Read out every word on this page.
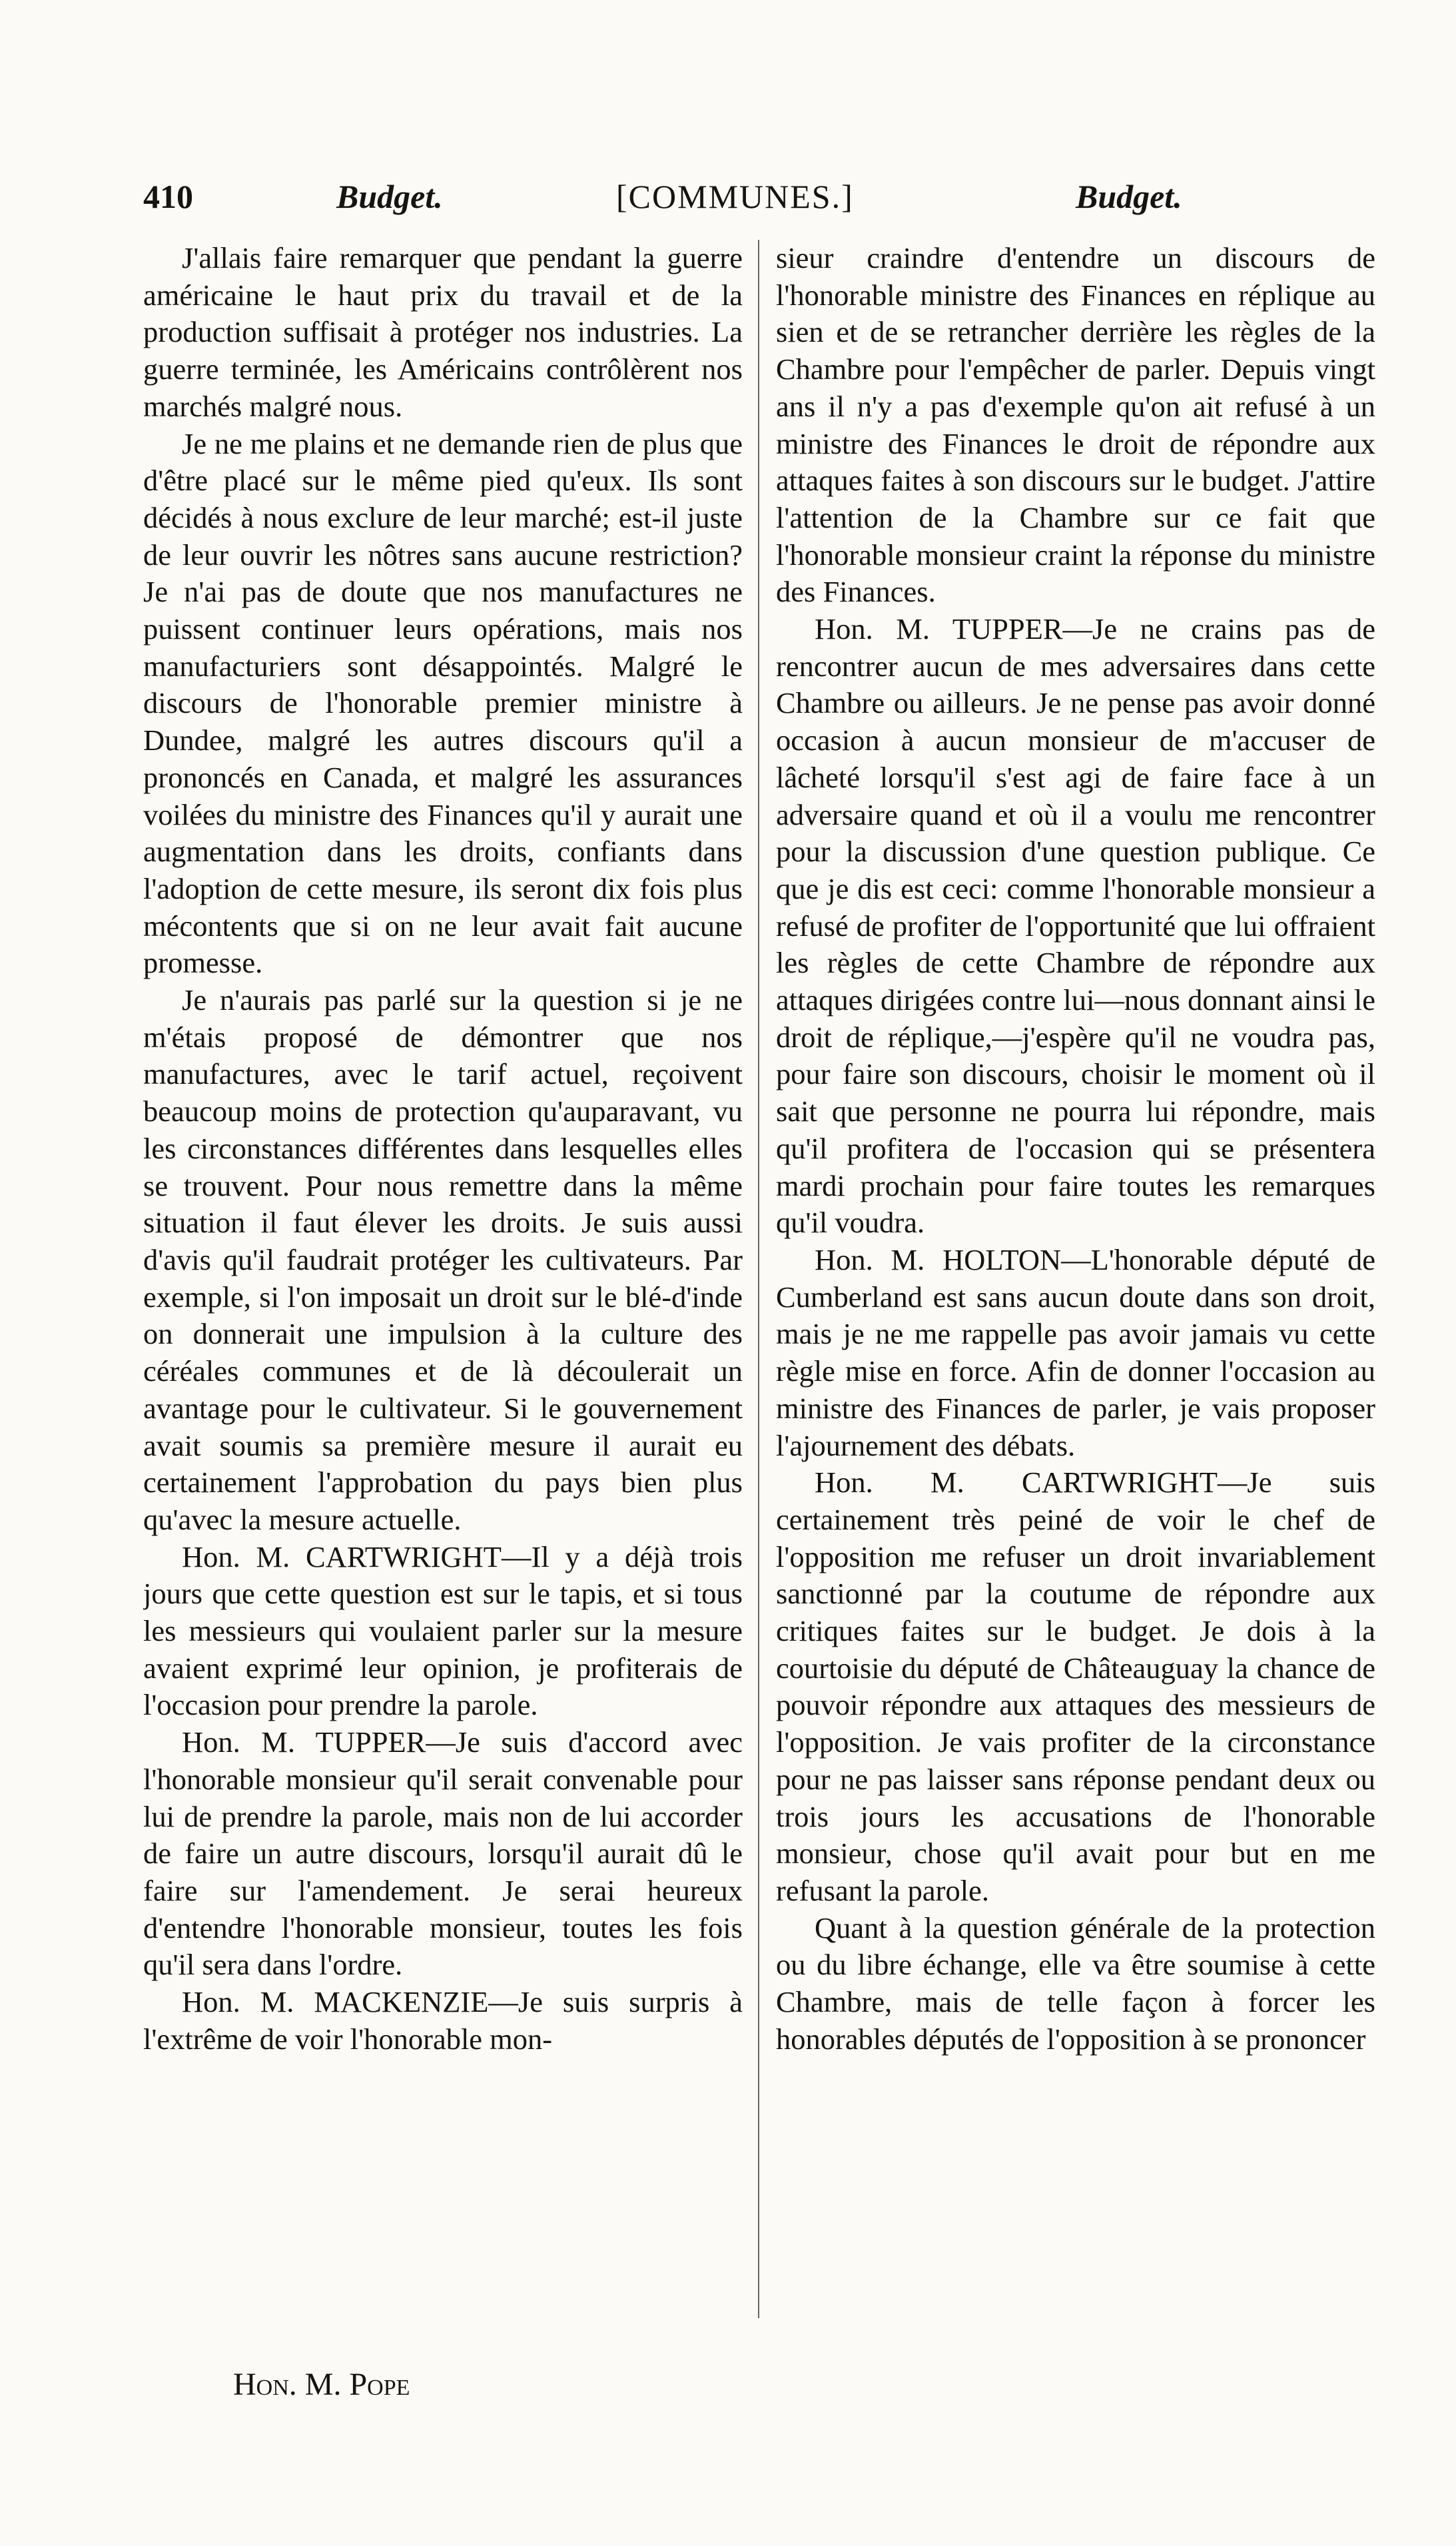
410	Budget.	[COMMUNES.]	Budget.

J'allais faire remarquer que pendant la guerre américaine le haut prix du travail et de la production suffisait à protéger nos industries. La guerre terminée, les Américains contrôlèrent nos marchés malgré nous.

Je ne me plains et ne demande rien de plus que d'être placé sur le même pied qu'eux. Ils sont décidés à nous exclure de leur marché; est-il juste de leur ouvrir les nôtres sans aucune restriction? Je n'ai pas de doute que nos manufactures ne puissent continuer leurs opérations, mais nos manufacturiers sont désappointés. Malgré le discours de l'honorable premier ministre à Dundee, malgré les autres discours qu'il a prononcés en Canada, et malgré les assurances voilées du ministre des Finances qu'il y aurait une augmentation dans les droits, confiants dans l'adoption de cette mesure, ils seront dix fois plus mécontents que si on ne leur avait fait aucune promesse.

Je n'aurais pas parlé sur la question si je ne m'étais proposé de démontrer que nos manufactures, avec le tarif actuel, reçoivent beaucoup moins de protection qu'auparavant, vu les circonstances différentes dans lesquelles elles se trouvent. Pour nous remettre dans la même situation il faut élever les droits. Je suis aussi d'avis qu'il faudrait protéger les cultivateurs. Par exemple, si l'on imposait un droit sur le blé-d'inde on donnerait une impulsion à la culture des céréales communes et de là découlerait un avantage pour le cultivateur. Si le gouvernement avait soumis sa première mesure il aurait eu certainement l'approbation du pays bien plus qu'avec la mesure actuelle.

Hon. M. CARTWRIGHT—Il y a déjà trois jours que cette question est sur le tapis, et si tous les messieurs qui voulaient parler sur la mesure avaient exprimé leur opinion, je profiterais de l'occasion pour prendre la parole.

Hon. M. TUPPER—Je suis d'accord avec l'honorable monsieur qu'il serait convenable pour lui de prendre la parole, mais non de lui accorder de faire un autre discours, lorsqu'il aurait dû le faire sur l'amendement. Je serai heureux d'entendre l'honorable monsieur, toutes les fois qu'il sera dans l'ordre.

Hon. M. MACKENZIE—Je suis surpris à l'extrême de voir l'honorable mon-

sieur craindre d'entendre un discours de l'honorable ministre des Finances en réplique au sien et de se retrancher derrière les règles de la Chambre pour l'empêcher de parler. Depuis vingt ans il n'y a pas d'exemple qu'on ait refusé à un ministre des Finances le droit de répondre aux attaques faites à son discours sur le budget. J'attire l'attention de la Chambre sur ce fait que l'honorable monsieur craint la réponse du ministre des Finances.

Hon. M. TUPPER—Je ne crains pas de rencontrer aucun de mes adversaires dans cette Chambre ou ailleurs. Je ne pense pas avoir donné occasion à aucun monsieur de m'accuser de lâcheté lorsqu'il s'est agi de faire face à un adversaire quand et où il a voulu me rencontrer pour la discussion d'une question publique. Ce que je dis est ceci: comme l'honorable monsieur a refusé de profiter de l'opportunité que lui offraient les règles de cette Chambre de répondre aux attaques dirigées contre lui—nous donnant ainsi le droit de réplique,—j'espère qu'il ne voudra pas, pour faire son discours, choisir le moment où il sait que personne ne pourra lui répondre, mais qu'il profitera de l'occasion qui se présentera mardi prochain pour faire toutes les remarques qu'il voudra.

Hon. M. HOLTON—L'honorable député de Cumberland est sans aucun doute dans son droit, mais je ne me rappelle pas avoir jamais vu cette règle mise en force. Afin de donner l'occasion au ministre des Finances de parler, je vais proposer l'ajournement des débats.

Hon. M. CARTWRIGHT—Je suis certainement très peiné de voir le chef de l'opposition me refuser un droit invariablement sanctionné par la coutume de répondre aux critiques faites sur le budget. Je dois à la courtoisie du député de Châteauguay la chance de pouvoir répondre aux attaques des messieurs de l'opposition. Je vais profiter de la circonstance pour ne pas laisser sans réponse pendant deux ou trois jours les accusations de l'honorable monsieur, chose qu'il avait pour but en me refusant la parole.

Quant à la question générale de la protection ou du libre échange, elle va être soumise à cette Chambre, mais de telle façon à forcer les honorables députés de l'opposition à se prononcer

Hon. M. Pope
